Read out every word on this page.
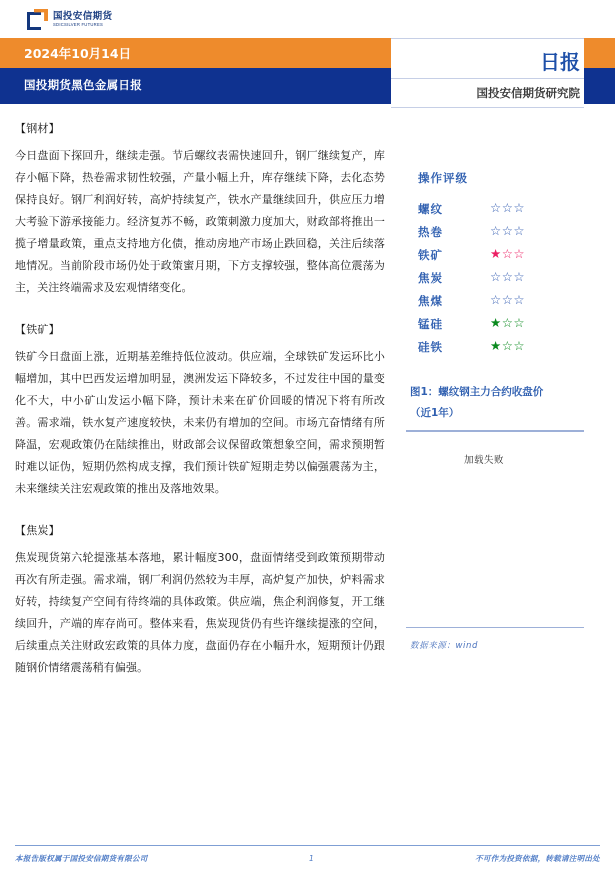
国投安信期货
SDICSILVER FUTURES
2024年10月14日
国投期货黑色金属日报
日报
国投安信期货研究院
【钢材】
今日盘面下探回升，继续走强。节后螺纹表需快速回升，钢厂继续复产，库存小幅下降，热卷需求韧性较强，产量小幅上升，库存继续下降，去化态势保持良好。钢厂利润好转，高炉持续复产，铁水产量继续回升，供应压力增大考验下游承接能力。经济复苏不畅，政策刺激力度加大，财政部将推出一揽子增量政策，重点支持地方化债，推动房地产市场止跌回稳，关注后续落地情况。当前阶段市场仍处于政策蜜月期，下方支撑较强，整体高位震荡为主，关注终端需求及宏观情绪变化。
【铁矿】
铁矿今日盘面上涨，近期基差维持低位波动。供应端，全球铁矿发运环比小幅增加，其中巴西发运增加明显，澳洲发运下降较多，不过发往中国的量变化不大，中小矿山发运小幅下降，预计未来在矿价回暖的情况下将有所改善。需求端，铁水复产速度较快，未来仍有增加的空间。市场亢奋情绪有所降温，宏观政策仍在陆续推出，财政部会议保留政策想象空间，需求预期暂时难以证伪，短期仍然构成支撑，我们预计铁矿短期走势以偏强震荡为主，未来继续关注宏观政策的推出及落地效果。
【焦炭】
焦炭现货第六轮提涨基本落地，累计幅度300，盘面情绪受到政策预期带动再次有所走强。需求端，钢厂利润仍然较为丰厚，高炉复产加快，炉料需求好转，持续复产空间有待终端的具体政策。供应端，焦企利润修复，开工继续回升，产端的库存尚可。整体来看，焦炭现货仍有些许继续提涨的空间，后续重点关注财政宏政策的具体力度，盘面仍存在小幅升水，短期预计仍跟随钢价情绪震荡稍有偏强。
操作评级
螺纹	☆☆☆
热卷	☆☆☆
铁矿	★☆☆
焦炭	☆☆☆
焦煤	☆☆☆
锰硅	★☆☆
硅铁	★☆☆
图1：螺纹钢主力合约收盘价
（近1年）
加载失败
数据来源：wind
本报告版权属于国投安信期货有限公司	1	不可作为投资依据，转载请注明出处
